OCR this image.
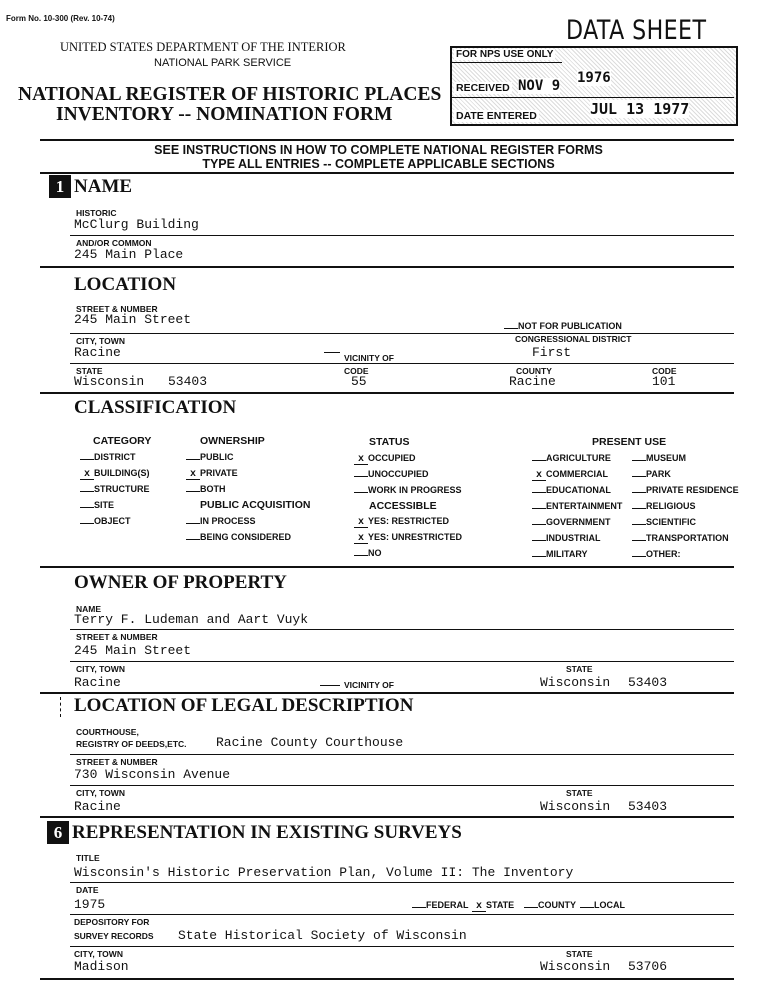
Form No. 10-300 (Rev. 10-74)
UNITED STATES DEPARTMENT OF THE INTERIOR
NATIONAL PARK SERVICE
NATIONAL REGISTER OF HISTORIC PLACES
INVENTORY -- NOMINATION FORM
DATA SHEET
FOR NPS USE ONLY
RECEIVED NOV 9 1976
DATE ENTERED	JUL 13 1977
SEE INSTRUCTIONS IN HOW TO COMPLETE NATIONAL REGISTER FORMS
TYPE ALL ENTRIES -- COMPLETE APPLICABLE SECTIONS
1 NAME
HISTORIC
McClurg Building
AND/OR COMMON
245 Main Place
LOCATION
STREET & NUMBER
245 Main Street	NOT FOR PUBLICATION
CITY, TOWN
Racine	VICINITY OF
CONGRESSIONAL DISTRICT
First
STATE
Wisconsin 53403
CODE
55
COUNTY
Racine
CODE
101
CLASSIFICATION
CATEGORY
DISTRICT
x BUILDING(S)
STRUCTURE
SITE
OBJECT
OWNERSHIP
PUBLIC
x PRIVATE
BOTH
PUBLIC ACQUISITION
IN PROCESS
BEING CONSIDERED
STATUS
x OCCUPIED
UNOCCUPIED
WORK IN PROGRESS
ACCESSIBLE
x YES: RESTRICTED
x YES: UNRESTRICTED
NO
PRESENT USE
AGRICULTURE
x COMMERCIAL
EDUCATIONAL
ENTERTAINMENT
GOVERNMENT
INDUSTRIAL
MILITARY
MUSEUM
PARK
PRIVATE RESIDENCE
RELIGIOUS
SCIENTIFIC
TRANSPORTATION
OTHER:
OWNER OF PROPERTY
NAME
Terry F. Ludeman and Aart Vuyk
STREET & NUMBER
245 Main Street
CITY, TOWN
Racine	VICINITY OF
STATE
Wisconsin 53403
LOCATION OF LEGAL DESCRIPTION
COURTHOUSE,
REGISTRY OF DEEDS,ETC. Racine County Courthouse
STREET & NUMBER
730 Wisconsin Avenue
CITY, TOWN
Racine
STATE
Wisconsin 53403
6 REPRESENTATION IN EXISTING SURVEYS
TITLE
Wisconsin's Historic Preservation Plan, Volume II: The Inventory
DATE
1975	FEDERAL x STATE	COUNTY	LOCAL
DEPOSITORY FOR
SURVEY RECORDS State Historical Society of Wisconsin
CITY, TOWN
Madison
STATE
Wisconsin 53706
